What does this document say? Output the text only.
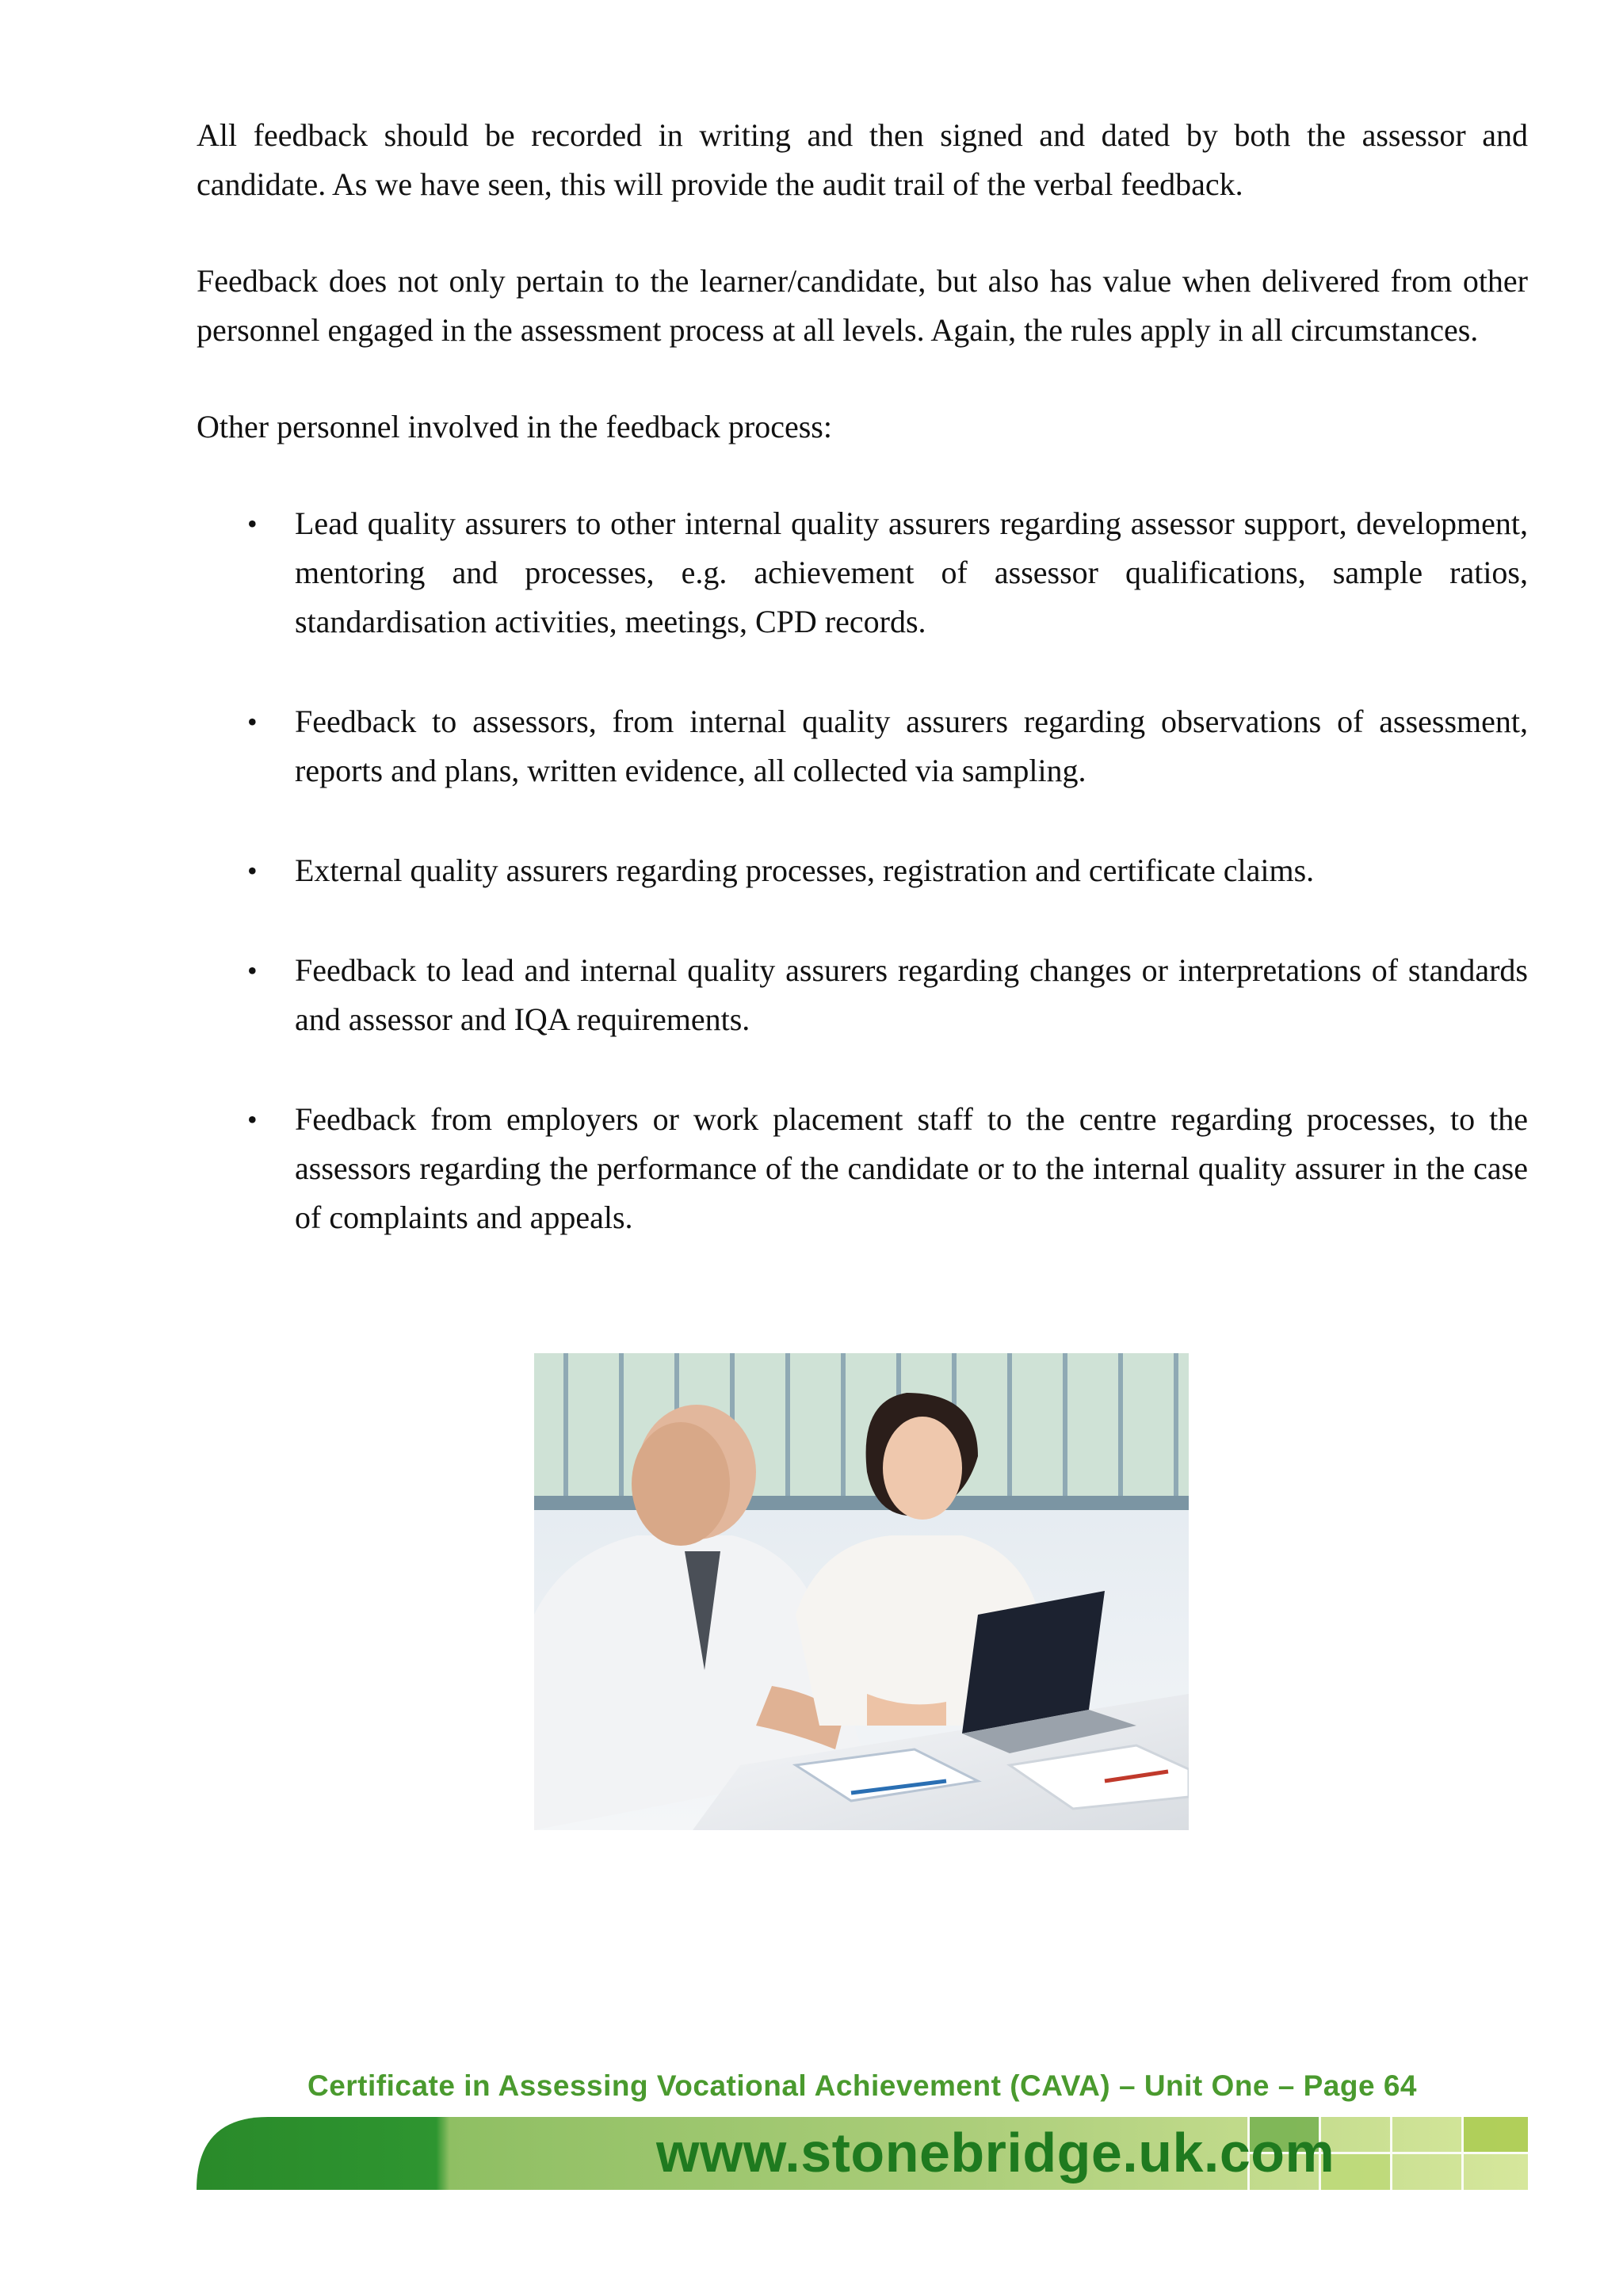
All feedback should be recorded in writing and then signed and dated by both the assessor and candidate. As we have seen, this will provide the audit trail of the verbal feedback.

Feedback does not only pertain to the learner/candidate, but also has value when delivered from other personnel engaged in the assessment process at all levels. Again, the rules apply in all circumstances.

Other personnel involved in the feedback process:

• Lead quality assurers to other internal quality assurers regarding assessor support, development, mentoring and processes, e.g. achievement of assessor qualifications, sample ratios, standardisation activities, meetings, CPD records.
• Feedback to assessors, from internal quality assurers regarding observations of assessment, reports and plans, written evidence, all collected via sampling.
• External quality assurers regarding processes, registration and certificate claims.
• Feedback to lead and internal quality assurers regarding changes or interpretations of standards and assessor and IQA requirements.
• Feedback from employers or work placement staff to the centre regarding processes, to the assessors regarding the performance of the candidate or to the internal quality assurer in the case of complaints and appeals.
Certificate in Assessing Vocational Achievement (CAVA) – Unit One – Page 64
www.stonebridge.uk.com
